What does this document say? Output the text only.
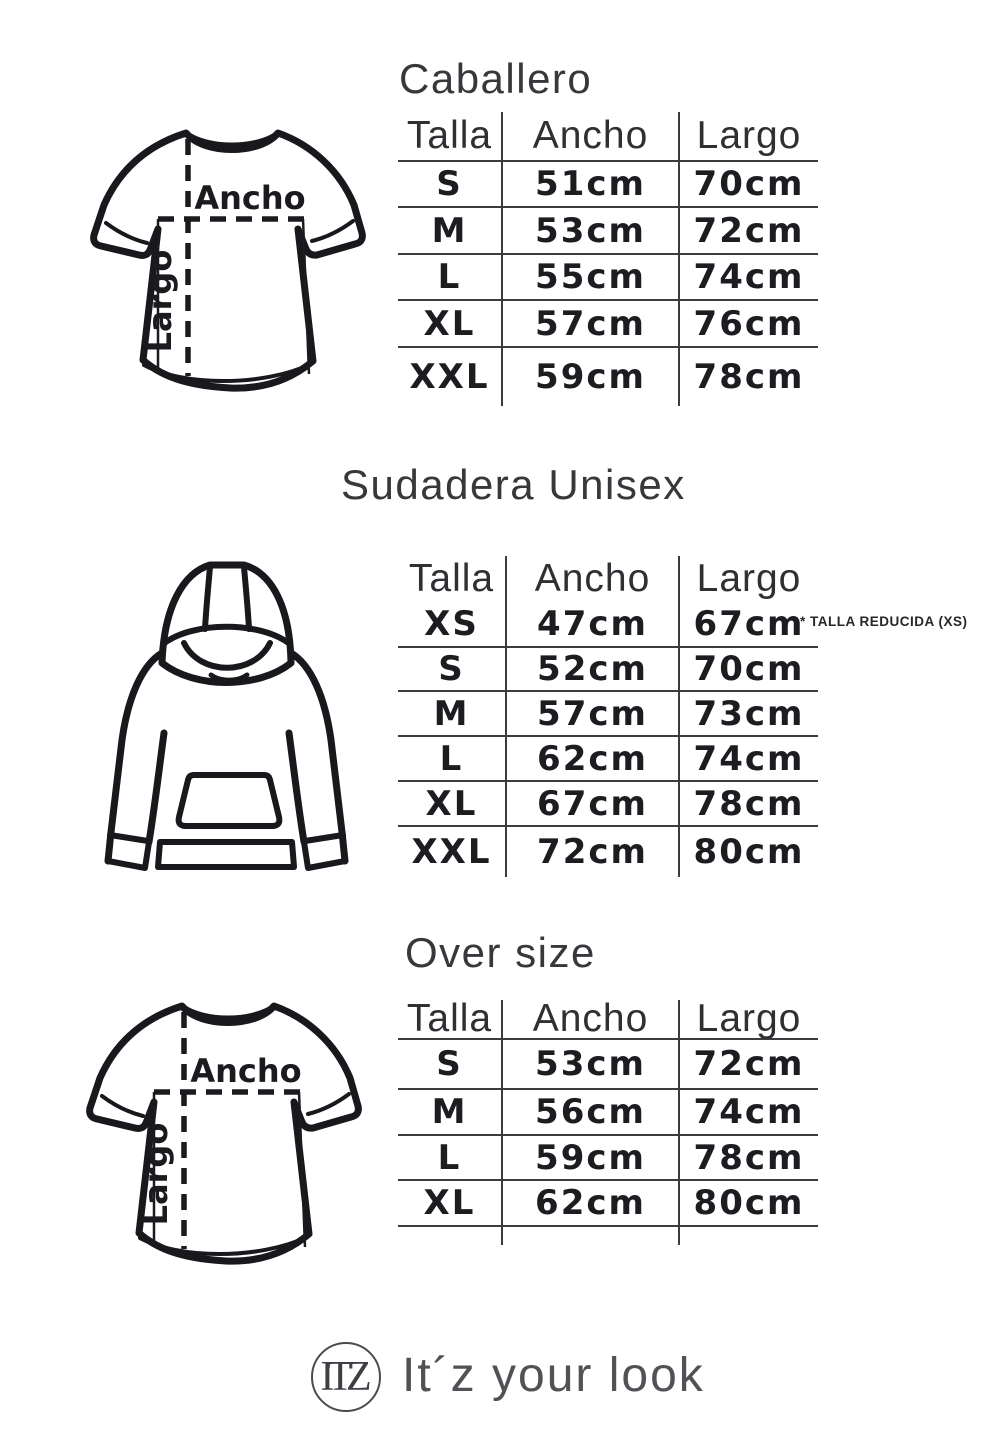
Caballero
Talla	Ancho	Largo
S	51cm	70cm
M	53cm	72cm
L	55cm	74cm
XL	57cm	76cm
XXL	59cm	78cm
Sudadera Unisex
Talla	Ancho	Largo
XS	47cm	67cm
S	52cm	70cm
M	57cm	73cm
L	62cm	74cm
XL	67cm	78cm
XXL	72cm	80cm
* TALLA REDUCIDA (XS)
Over size
Talla	Ancho	Largo
S	53cm	72cm
M	56cm	74cm
L	59cm	78cm
XL	62cm	80cm
ITZ It´z your look
